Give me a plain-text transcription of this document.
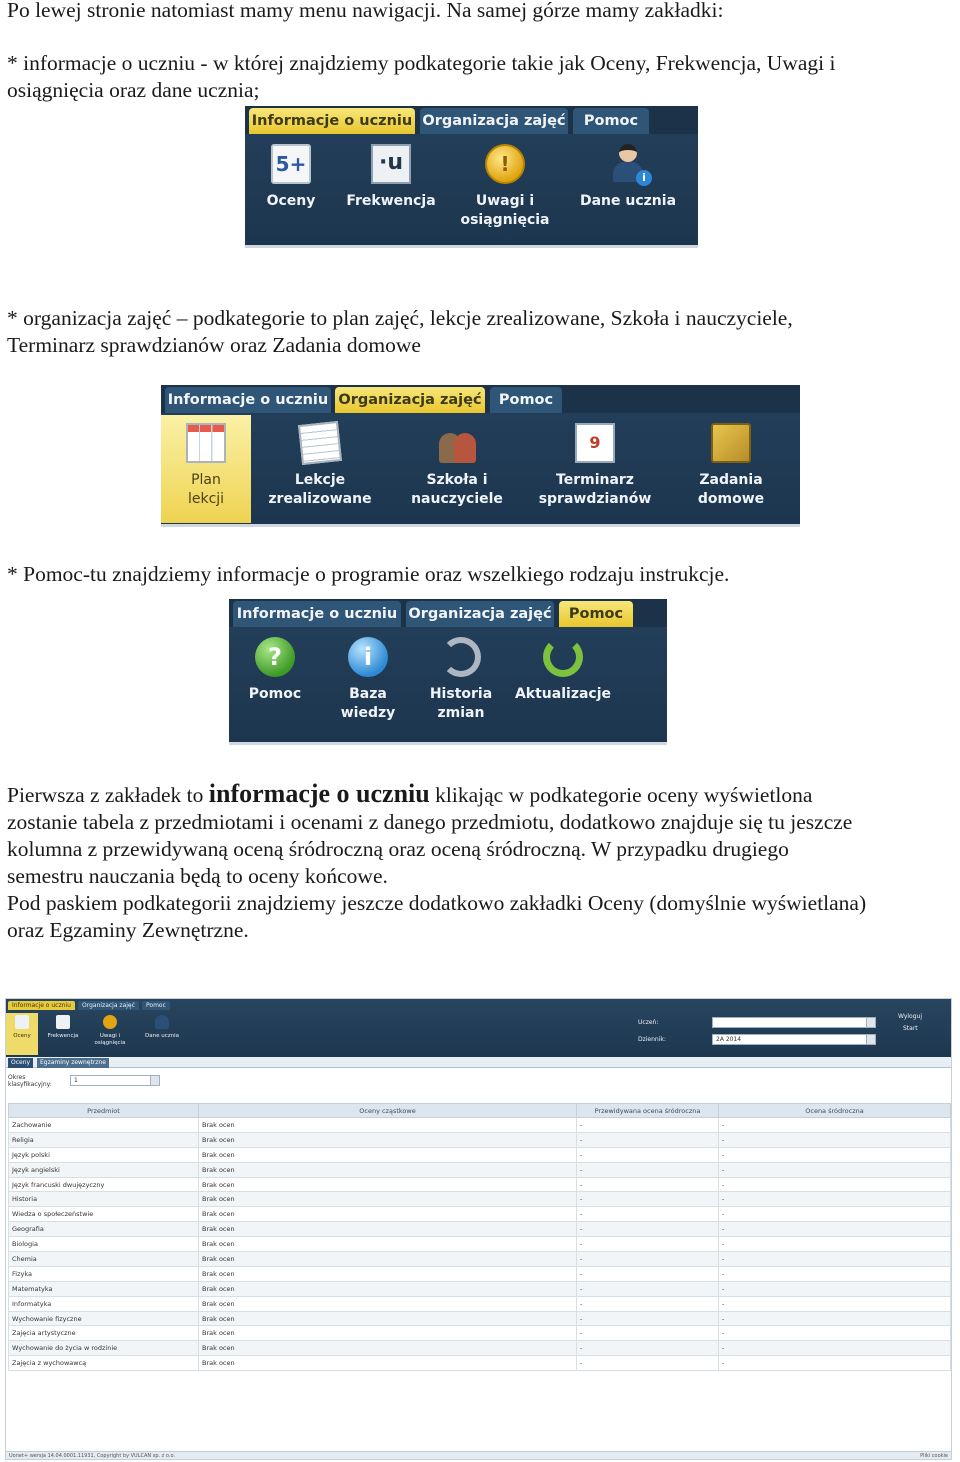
Po lewej stronie natomiast mamy menu nawigacji. Na samej górze mamy zakładki:
* informacje o uczniu - w której znajdziemy podkategorie takie jak Oceny, Frekwencja, Uwagi i
osiągnięcia oraz dane ucznia;
Informacje o uczniu Organizacja zajęć	Pomoc
5+
Oceny
·u
Frekwencja
!
Uwagi i
osiągnięcia
i
Dane ucznia
* organizacja zajęć – podkategorie to plan zajęć, lekcje zrealizowane, Szkoła i nauczyciele,
Terminarz sprawdzianów oraz Zadania domowe
Informacje o uczniu Organizacja zajęć	Pomoc
Plan
lekcji
Lekcje
zrealizowane
Szkoła i
nauczyciele
9
Terminarz
sprawdzianów
Zadania
domowe
* Pomoc-tu znajdziemy informacje o programie oraz wszelkiego rodzaju instrukcje.
Informacje o uczniu Organizacja zajęć	Pomoc
?
Pomoc
i
Baza
wiedzy
Historia
zmian
Aktualizacje
Pierwsza z zakładek to informacje o uczniu klikając w podkategorie oceny wyświetlona
zostanie tabela z przedmiotami i ocenami z danego przedmiotu, dodatkowo znajduje się tu jeszcze
kolumna z przewidywaną oceną śródroczną oraz oceną śródroczną. W przypadku drugiego
semestru nauczania będą to oceny końcowe.
Pod paskiem podkategorii znajdziemy jeszcze dodatkowo zakładki Oceny (domyślnie wyświetlana)
oraz Egzaminy Zewnętrzne.
Informacje o uczniu	Organizacja zajęć	Pomoc
Oceny	Frekwencja	Uwagi i
osiągnięcia
Dane ucznia
Uczeń:
Dziennik:	2A 2014
Wyloguj
Start
Oceny	Egzaminy zewnętrzne
Okres klasyfikacyjny:
1
Przedmiot	Oceny cząstkowe	Przewidywana ocena śródroczna	Ocena śródroczna
Zachowanie	Brak ocen	-	-
Religia	Brak ocen	-	-
Język polski	Brak ocen	-	-
Język angielski	Brak ocen	-	-
Język francuski dwujęzyczny	Brak ocen	-	-
Historia	Brak ocen	-	-
Wiedza o społeczeństwie	Brak ocen	-	-
Geografia	Brak ocen	-	-
Biologia	Brak ocen	-	-
Chemia	Brak ocen	-	-
Fizyka	Brak ocen	-	-
Matematyka	Brak ocen	-	-
Informatyka	Brak ocen	-	-
Wychowanie fizyczne	Brak ocen	-	-
Zajęcia artystyczne	Brak ocen	-	-
Wychowanie do życia w rodzinie	Brak ocen	-	-
Zajęcia z wychowawcą	Brak ocen	-	-
Uonet+ wersja 14.04.0001.11931, Copyright by VULCAN sp. z o.o.	Pliki cookie
